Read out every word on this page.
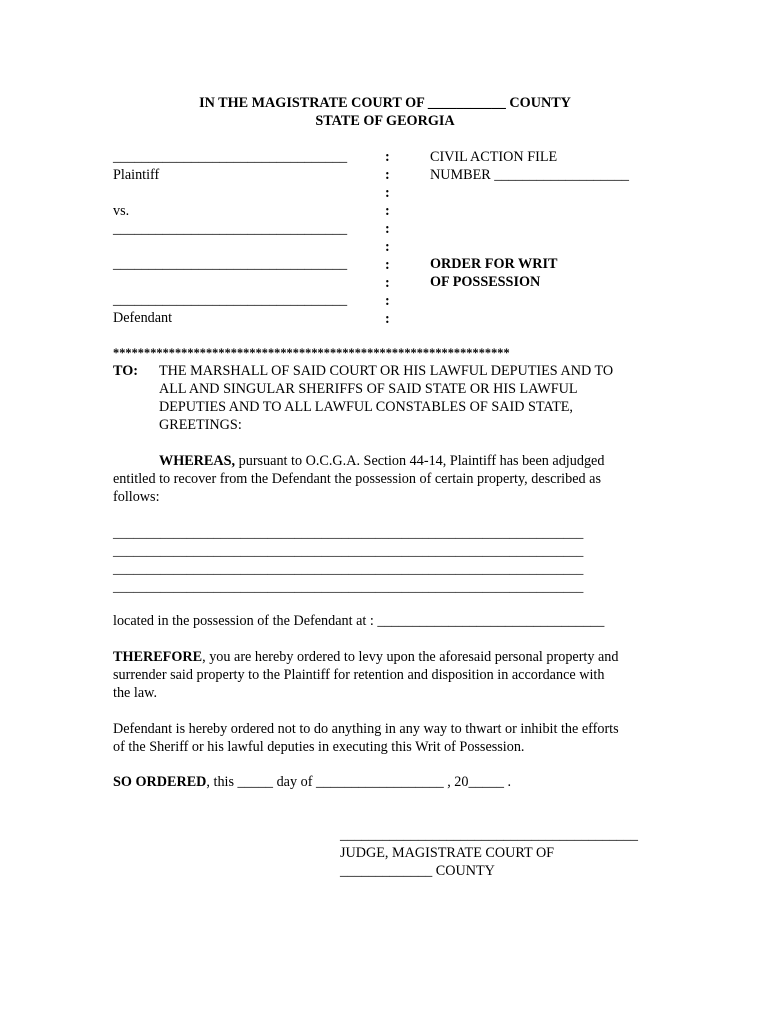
IN THE MAGISTRATE COURT OF ___________ COUNTY
STATE OF GEORGIA
_________________________________
Plaintiff
vs.
_________________________________
_________________________________
_________________________________
Defendant
:
:
:
:
:
:
:
:
:
:
CIVIL ACTION FILE
NUMBER ___________________
ORDER FOR WRIT
OF POSSESSION
****************************************************************
TO: THE MARSHALL OF SAID COURT OR HIS LAWFUL DEPUTIES AND TO
ALL AND SINGULAR SHERIFFS OF SAID STATE OR HIS LAWFUL
DEPUTIES AND TO ALL LAWFUL CONSTABLES OF SAID STATE,
GREETINGS:
WHEREAS, pursuant to O.C.G.A. Section 44-14, Plaintiff has been adjudged
entitled to recover from the Defendant the possession of certain property, described as
follows:
______________________________________________________________________
______________________________________________________________________
______________________________________________________________________
______________________________________________________________________
located in the possession of the Defendant at : ________________________________
THEREFORE, you are hereby ordered to levy upon the aforesaid personal property and
surrender said property to the Plaintiff for retention and disposition in accordance with
the law.
Defendant is hereby ordered not to do anything in any way to thwart or inhibit the efforts
of the Sheriff or his lawful deputies in executing this Writ of Possession.
SO ORDERED, this _____ day of __________________ , 20_____ .
__________________________________________
JUDGE, MAGISTRATE COURT OF
_____________ COUNTY
